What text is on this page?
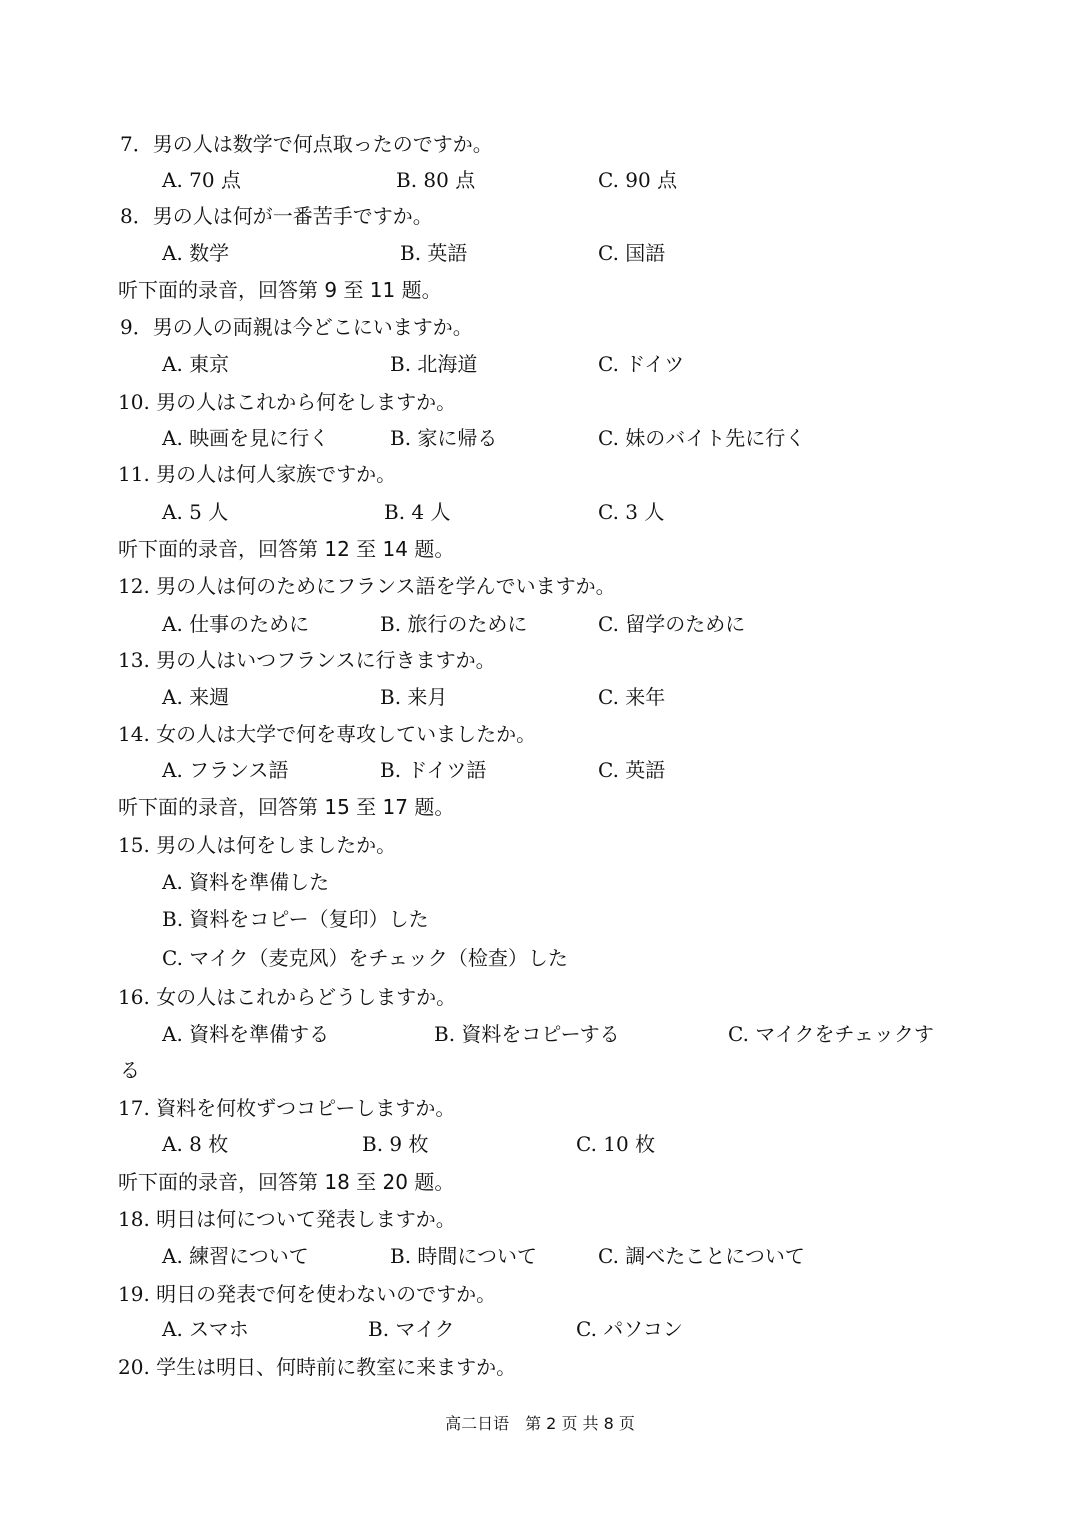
7．男の人は数学で何点取ったのですか。
A. 70 点	B. 80 点	C. 90 点
8．男の人は何が一番苦手ですか。
A. 数学	B. 英語	C. 国語
听下面的录音，回答第 9 至 11 题。
9．男の人の両親は今どこにいますか。
A. 東京	B. 北海道	C. ドイツ
10. 男の人はこれから何をしますか。
A. 映画を見に行く	B. 家に帰る	C. 妹のバイト先に行く
11. 男の人は何人家族ですか。
A. 5 人	B. 4 人	C. 3 人
听下面的录音，回答第 12 至 14 题。
12. 男の人は何のためにフランス語を学んでいますか。
A. 仕事のために	B. 旅行のために	C. 留学のために
13. 男の人はいつフランスに行きますか。
A. 来週	B. 来月	C. 来年
14. 女の人は大学で何を専攻していましたか。
A. フランス語	B. ドイツ語	C. 英語
听下面的录音，回答第 15 至 17 题。
15. 男の人は何をしましたか。
A. 資料を準備した
B. 資料をコピー（复印）した
C. マイク（麦克风）をチェック（检查）した
16. 女の人はこれからどうしますか。
A. 資料を準備する	B. 資料をコピーする	C. マイクをチェックす
る
17. 資料を何枚ずつコピーしますか。
A. 8 枚	B. 9 枚	C. 10 枚
听下面的录音，回答第 18 至 20 题。
18. 明日は何について発表しますか。
A. 練習について	B. 時間について	C. 調べたことについて
19. 明日の発表で何を使わないのですか。
A. スマホ	B. マイク	C. パソコン
20. 学生は明日、何時前に教室に来ますか。
高二日语　第 2 页 共 8 页
